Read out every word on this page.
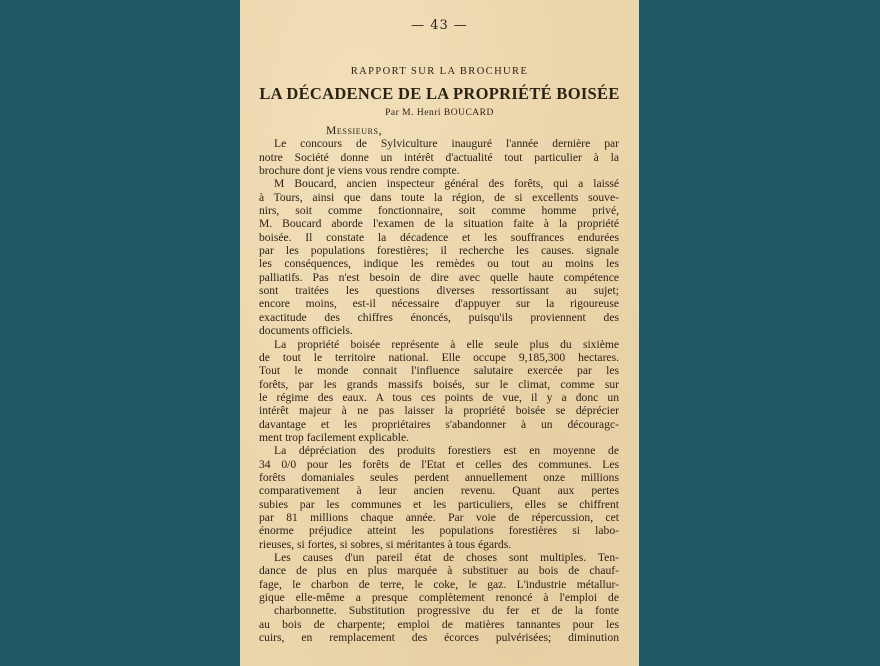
— 43 —
RAPPORT SUR LA BROCHURE
LA DÉCADENCE DE LA PROPRIÉTÉ BOISÉE
Par M. Henri BOUCARD
Messieurs,
Le concours de Sylviculture inauguré l'année dernière par
notre Société donne un intérêt d'actualité tout particulier à la
brochure dont je viens vous rendre compte.
M Boucard, ancien inspecteur général des forêts, qui a laissé
à Tours, ainsi que dans toute la région, de si excellents souve-
nirs, soit comme fonctionnaire, soit comme homme privé,
M. Boucard aborde l'examen de la situation faite à la propriété
boisée. Il constate la décadence et les souffrances endurées
par les populations forestières; il recherche les causes. signale
les conséquences, indique les remèdes ou tout au moins les
palliatifs. Pas n'est besoin de dire avec quelle haute compétence
sont traitées les questions diverses ressortissant au sujet;
encore moins, est-il nécessaire d'appuyer sur la rigoureuse
exactitude des chiffres énoncés, puisqu'ils proviennent des
documents officiels.
La propriété boisée représente à elle seule plus du sixième
de tout le territoire national. Elle occupe 9,185,300 hectares.
Tout le monde connait l'influence salutaire exercée par les
forêts, par les grands massifs boisés, sur le climat, comme sur
le régime des eaux. A tous ces points de vue, il y a donc un
intérêt majeur à ne pas laisser la propriété boisée se déprécier
davantage et les propriétaires s'abandonner à un découragc-
ment trop facilement explicable.
La dépréciation des produits forestiers est en moyenne de
34 0/0 pour les forêts de l'Etat et celles des communes. Les
forêts domaniales seules perdent annuellement onze millions
comparativement à leur ancien revenu. Quant aux pertes
subies par les communes et les particuliers, elles se chiffrent
par 81 millions chaque année. Par voie de répercussion, cet
énorme préjudice atteint les populations forestières si labo-
rieuses, si fortes, si sobres, si méritantes à tous égards.
Les causes d'un pareil état de choses sont multiples. Ten-
dance de plus en plus marquée à substituer au bois de chauf-
fage, le charbon de terre, le coke, le gaz. L'industrie métallur-
gique elle-même a presque complètement renoncé à l'emploi de
charbonnette. Substitution progressive du fer et de la fonte
au bois de charpente; emploi de matières tannantes pour les
cuirs, en remplacement des écorces pulvérisées; diminution
